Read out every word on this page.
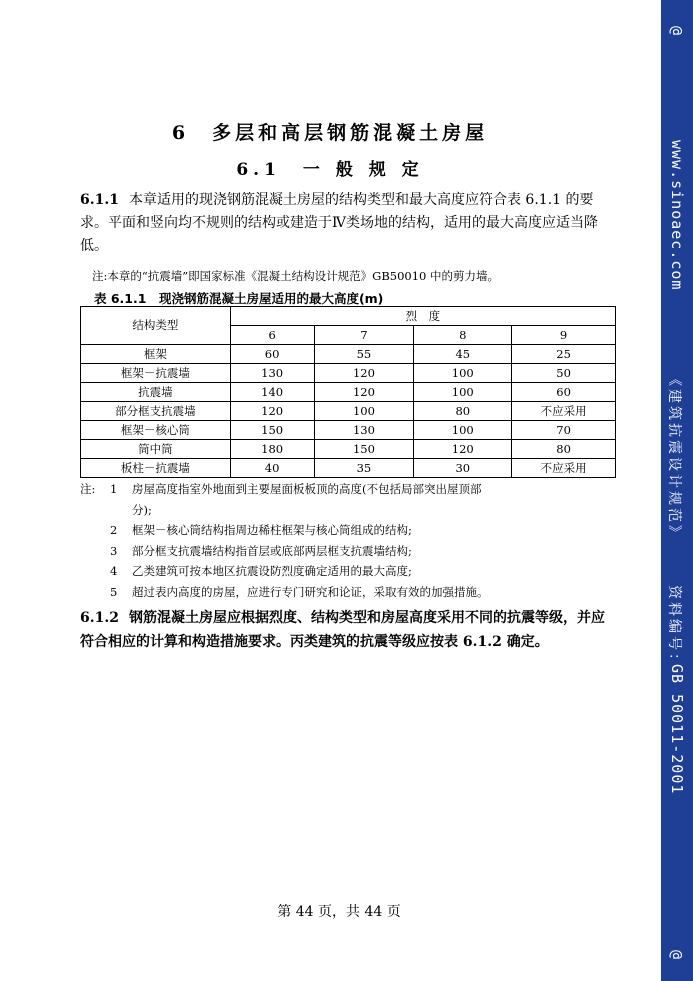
6　多层和高层钢筋混凝土房屋
6.1　一 般 规 定
6.1.1 本章适用的现浇钢筋混凝土房屋的结构类型和最大高度应符合表 6.1.1 的要求。平面和竖向均不规则的结构或建造于Ⅳ类场地的结构，适用的最大高度应适当降低。
注:本章的“抗震墙”即国家标准《混凝土结构设计规范》GB50010 中的剪力墙。
表 6.1.1　现浇钢筋混凝土房屋适用的最大高度(m)
结构类型	烈　度			
	6	7	8	9
框架	60	55	45	25
框架－抗震墙	130	120	100	50
抗震墙	140	120	100	60
部分框支抗震墙	120	100	80	不应采用
框架－核心筒	150	130	100	70
筒中筒	180	150	120	80
板柱－抗震墙	40	35	30	不应采用
注: 1 房屋高度指室外地面到主要屋面板板顶的高度(不包括局部突出屋顶部
分);
2 框架－核心筒结构指周边稀柱框架与核心筒组成的结构;
3 部分框支抗震墙结构指首层或底部两层框支抗震墙结构;
4 乙类建筑可按本地区抗震设防烈度确定适用的最大高度;
5 超过表内高度的房屋，应进行专门研究和论证，采取有效的加强措施。
6.1.2 钢筋混凝土房屋应根据烈度、结构类型和房屋高度采用不同的抗震等级，并应符合相应的计算和构造措施要求。丙类建筑的抗震等级应按表 6.1.2 确定。
第 44 页，共 44 页
@
www.sinoaec.com
《建筑抗震设计规范》
资料编号：
GB 50011-2001
@
